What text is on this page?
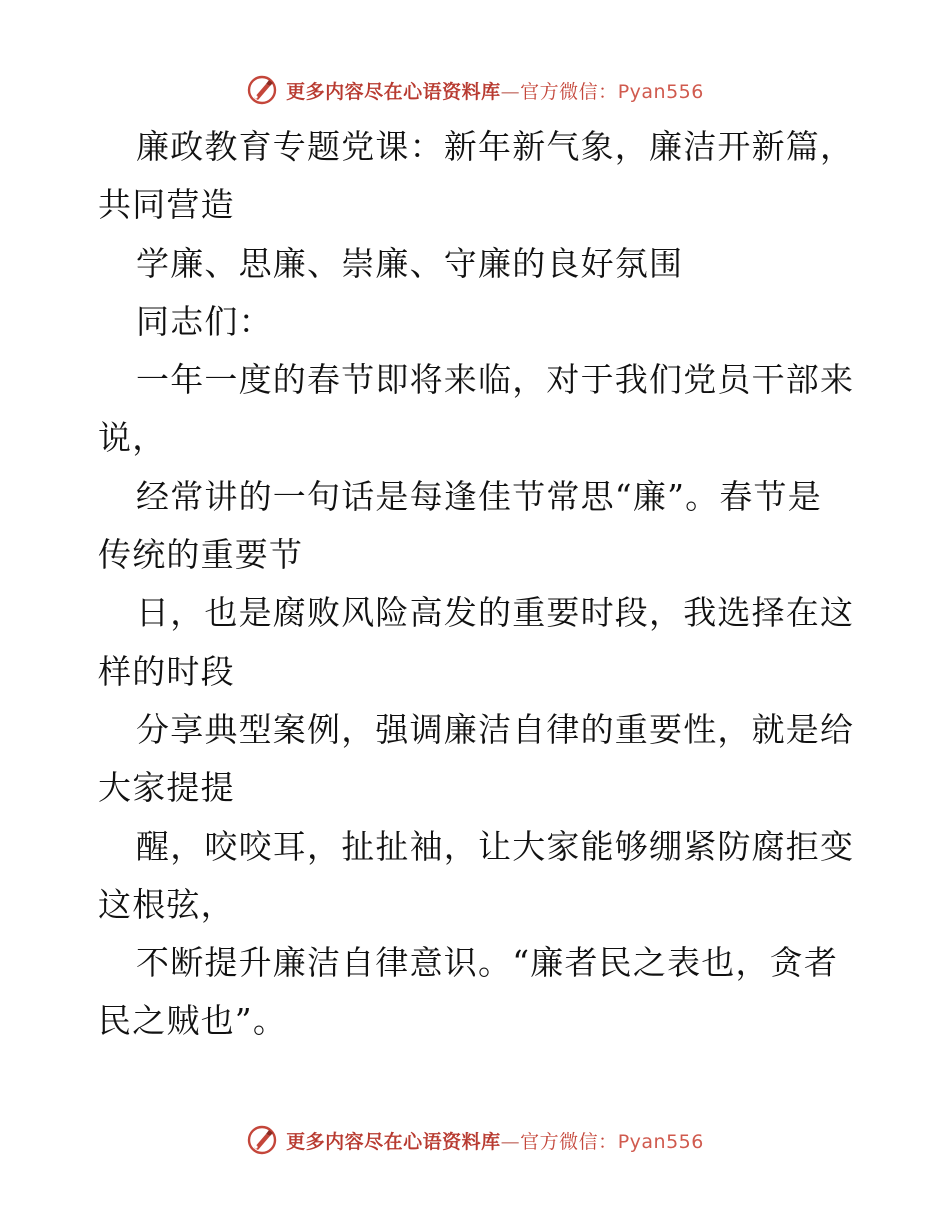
更多内容尽在心语资料库—官方微信：Pyan556
廉政教育专题党课：新年新气象，廉洁开新篇，
共同营造
学廉、思廉、崇廉、守廉的良好氛围
同志们：
一年一度的春节即将来临，对于我们党员干部来
说，
经常讲的一句话是每逢佳节常思“廉”。春节是
传统的重要节
日，也是腐败风险高发的重要时段，我选择在这
样的时段
分享典型案例，强调廉洁自律的重要性，就是给
大家提提
醒，咬咬耳，扯扯袖，让大家能够绷紧防腐拒变
这根弦，
不断提升廉洁自律意识。“廉者民之表也，贪者
民之贼也”。
更多内容尽在心语资料库—官方微信：Pyan556
